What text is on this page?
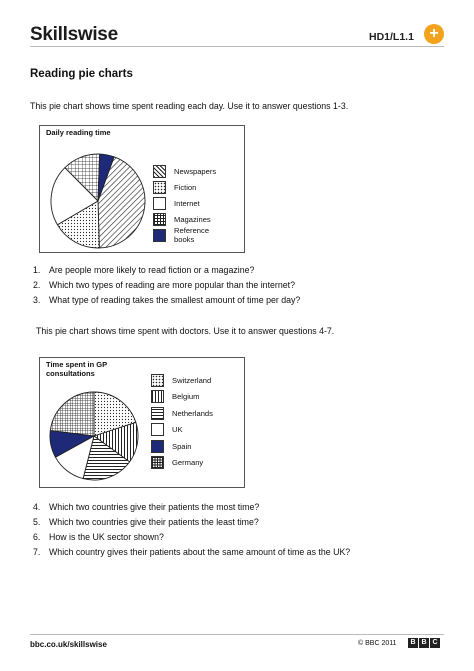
Skillswise	HD1/L1.1 +
Reading pie charts
This pie chart shows time spent reading each day. Use it to answer questions 1-3.
Daily reading time
Newspapers
Fiction
Internet
Magazines
Reference books
1. Are people more likely to read fiction or a magazine?
2. Which two types of reading are more popular than the internet?
3. What type of reading takes the smallest amount of time per day?
This pie chart shows time spent with doctors. Use it to answer questions 4-7.
Time spent in GP consultations
Switzerland
Belgium
Netherlands
UK
Spain
Germany
4. Which two countries give their patients the most time?
5. Which two countries give their patients the least time?
6. How is the UK sector shown?
7. Which country gives their patients about the same amount of time as the UK?
bbc.co.uk/skillswise	© BBC 2011	B B C
